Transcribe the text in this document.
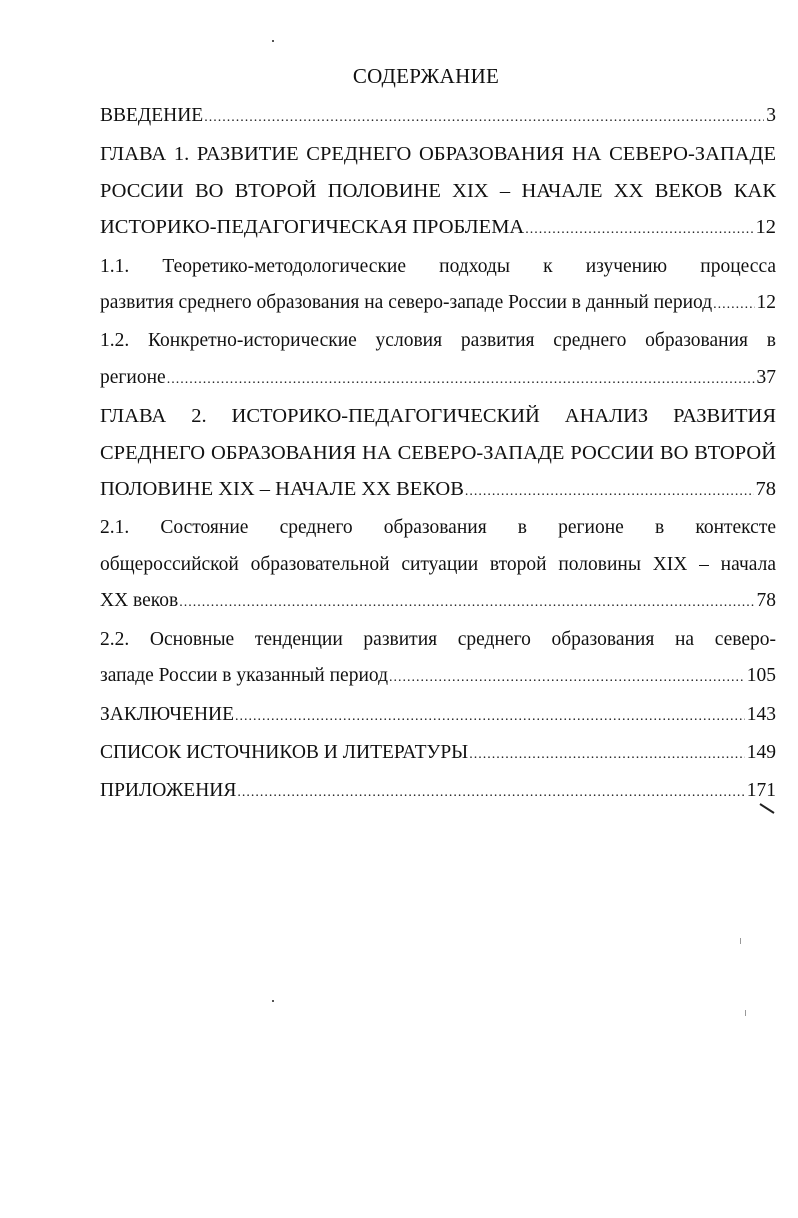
СОДЕРЖАНИЕ
ВВЕДЕНИЕ .....	3
ГЛАВА 1. РАЗВИТИЕ СРЕДНЕГО ОБРАЗОВАНИЯ НА СЕВЕРО-ЗАПАДЕ
РОССИИ ВО ВТОРОЙ ПОЛОВИНЕ XIX – НАЧАЛЕ XX ВЕКОВ КАК
ИСТОРИКО-ПЕДАГОГИЧЕСКАЯ ПРОБЛЕМА .....	12
1.1. Теоретико-методологические подходы к изучению процесса
развития среднего образования на северо-западе России в данный период ..... 12
1.2. Конкретно-исторические условия развития среднего образования в
регионе .....	37
ГЛАВА 2. ИСТОРИКО-ПЕДАГОГИЧЕСКИЙ АНАЛИЗ РАЗВИТИЯ
СРЕДНЕГО ОБРАЗОВАНИЯ НА СЕВЕРО-ЗАПАДЕ РОССИИ ВО ВТОРОЙ
ПОЛОВИНЕ XIX – НАЧАЛЕ XX ВЕКОВ .....	78
2.1. Состояние среднего образования в регионе в контексте
общероссийской образовательной ситуации второй половины XIX – начала
XX веков .....	78
2.2. Основные тенденции развития среднего образования на северо-
западе России в указанный период .....	105
ЗАКЛЮЧЕНИЕ .....	143
СПИСОК ИСТОЧНИКОВ И ЛИТЕРАТУРЫ .....	149
ПРИЛОЖЕНИЯ .....	171
